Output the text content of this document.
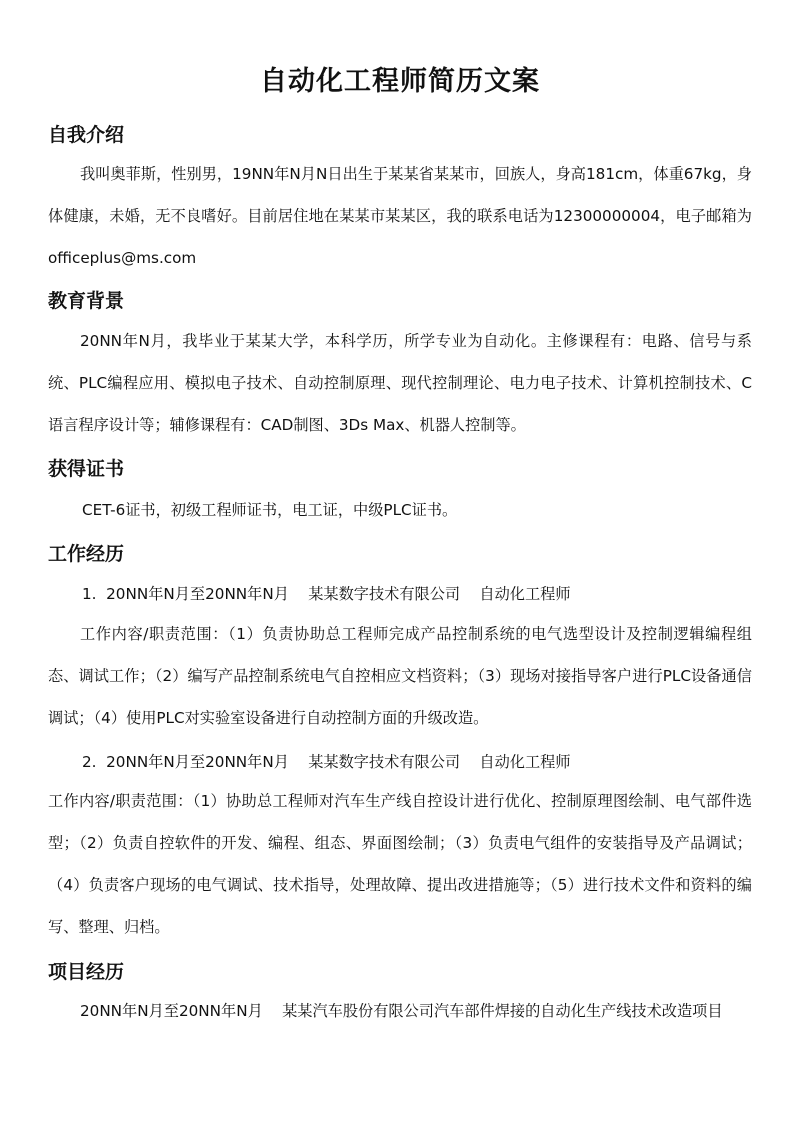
自动化工程师简历文案
自我介绍

我叫奥菲斯，性别男，19NN年N月N日出生于某某省某某市，回族人，身高181cm，体重67kg，身体健康，未婚，无不良嗜好。目前居住地在某某市某某区，我的联系电话为12300000004，电子邮箱为officeplus@ms.com

教育背景

20NN年N月，我毕业于某某大学，本科学历，所学专业为自动化。主修课程有：电路、信号与系统、PLC编程应用、模拟电子技术、自动控制原理、现代控制理论、电力电子技术、计算机控制技术、C语言程序设计等；辅修课程有：CAD制图、3Ds Max、机器人控制等。

获得证书
CET-6证书，初级工程师证书，电工证，中级PLC证书。
工作经历
1.  20NN年N月至20NN年N月    某某数字技术有限公司    自动化工程师

工作内容/职责范围：（1）负责协助总工程师完成产品控制系统的电气选型设计及控制逻辑编程组态、调试工作；（2）编写产品控制系统电气自控相应文档资料；（3）现场对接指导客户进行PLC设备通信调试；（4）使用PLC对实验室设备进行自动控制方面的升级改造。

2.  20NN年N月至20NN年N月    某某数字技术有限公司    自动化工程师

工作内容/职责范围：（1）协助总工程师对汽车生产线自控设计进行优化、控制原理图绘制、电气部件选型；（2）负责自控软件的开发、编程、组态、界面图绘制；（3）负责电气组件的安装指导及产品调试；（4）负责客户现场的电气调试、技术指导，处理故障、提出改进措施等；（5）进行技术文件和资料的编写、整理、归档。

项目经历

20NN年N月至20NN年N月    某某汽车股份有限公司汽车部件焊接的自动化生产线技术改造项目
